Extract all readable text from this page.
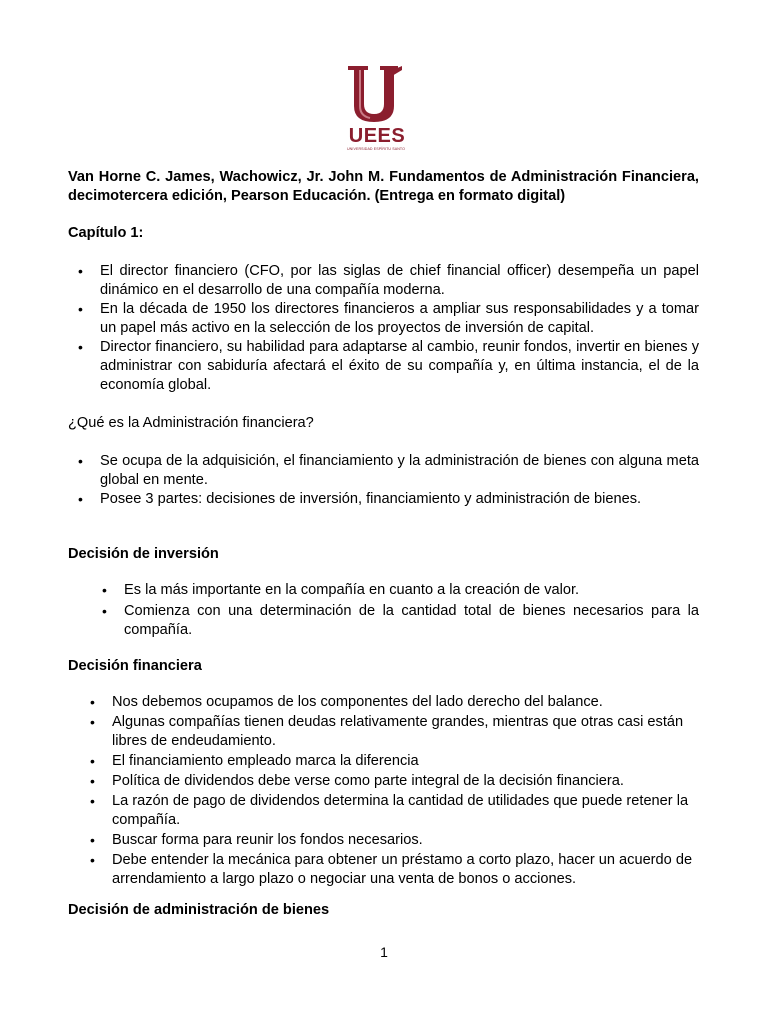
UEES
UNIVERSIDAD ESPÍRITU SANTO

Van Horne C. James, Wachowicz, Jr. John M. Fundamentos de Administración Financiera, decimotercera edición, Pearson Educación. (Entrega en formato digital)

Capítulo 1:

• El director financiero (CFO, por las siglas de chief financial officer) desempeña un papel dinámico en el desarrollo de una compañía moderna.
• En la década de 1950 los directores financieros a ampliar sus responsabilidades y a tomar un papel más activo en la selección de los proyectos de inversión de capital.
• Director financiero, su habilidad para adaptarse al cambio, reunir fondos, invertir en bienes y administrar con sabiduría afectará el éxito de su compañía y, en última instancia, el de la economía global.

¿Qué es la Administración financiera?

• Se ocupa de la adquisición, el financiamiento y la administración de bienes con alguna meta global en mente.
• Posee 3 partes: decisiones de inversión, financiamiento y administración de bienes.

Decisión de inversión

• Es la más importante en la compañía en cuanto a la creación de valor.
• Comienza con una determinación de la cantidad total de bienes necesarios para la compañía.

Decisión financiera

• Nos debemos ocupamos de los componentes del lado derecho del balance.
• Algunas compañías tienen deudas relativamente grandes, mientras que otras casi están libres de endeudamiento.
• El financiamiento empleado marca la diferencia
• Política de dividendos debe verse como parte integral de la decisión financiera.
• La razón de pago de dividendos determina la cantidad de utilidades que puede retener la compañía.
• Buscar forma para reunir los fondos necesarios.
• Debe entender la mecánica para obtener un préstamo a corto plazo, hacer un acuerdo de arrendamiento a largo plazo o negociar una venta de bonos o acciones.

Decisión de administración de bienes

1
